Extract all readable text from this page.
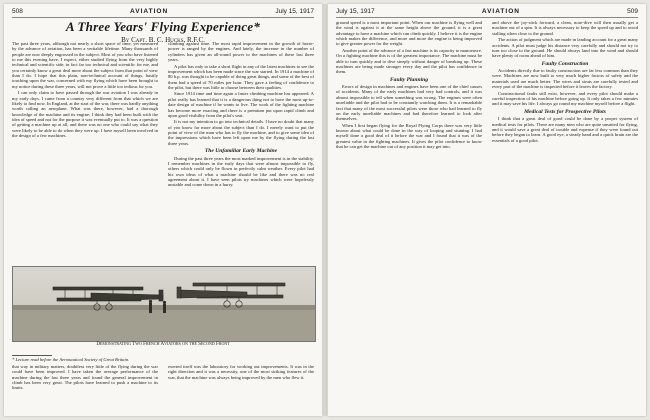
508	AVIATION	July 15, 1917
A Three Years' Flying Experience*
By Capt. B. C. Hucks, R.F.C.

The past three years, although not nearly a short space of time, yet measured by the advance of aviation, has been a veritable lifetime. Many thousands of people are now deeply engrossed in the subject. Most of you who have listened to me this evening have, I expect, either studied flying from the very highly technical and scientific side, in fact far too technical and scientific for me, and you certainly know a great deal more about the subject from that point of view than I do. I hope that this plain, non-technical account of things, hastily touching upon the war, concerned with my flying which have been brought to my notice during these three years, will not prove a little too tedious for you.

I can only claim to have passed through the war aviation I was already in my early days. I came from a country very different from that which we are likely to find now. In England, at the start of the war, there was hardly anything worth calling an aeroplane. What was there, however, had a thorough knowledge of the machine and its engine; I think they had been built with the idea of speed and not for the purpose it was eventually put to. It was a question of getting a machine up at all, and there was no one who could say what they were likely to be able to do when they were up. I have myself been involved in the design of a few machines.

climbing against time. The most rapid improvement in the growth of horse-power is ranged by the engines. And lately, the increase in the number of cylinders has given an all-round power to the machines of these last three years.

A pilot has only to take a short flight in any of the latest machines to see the improvement which has been made since the war started. In 1914 a machine of 80 h.p. was thought to be capable of doing great things, and some of the best of them had a speed of 70 miles per hour. They gave a feeling of confidence to the pilot, but there was little to choose between their qualities.

Since 1914 time and time again a faster climbing machine has appeared. A pilot really has learned that it is a dangerous thing not to have the most up-to-date design of machine if he wants to live. The work of the fighting machine has become more exacting and there is a premium put upon rapid climb and upon good visibility from the pilot's seat.

It is not my intention to go into technical details. I have no doubt that many of you know far more about the subject than I do. I merely want to put the point of view of the man who has to fly the machine, and to give some idea of the impressions which have been left upon me by the flying during the last three years.

The Unfamiliar Early Machine

During the past three years the most marked improvement is in the stability. I remember machines in the early days that were almost impossible to fly, others which could only be flown in perfectly calm weather. Every pilot had his own ideas of what a machine should be like and there was no real agreement about it. I have seen pilots try machines which were hopelessly unstable and come down in a hurry.

Demonstrating Two French Aviators on the Second Front
* Lecture read before the Aeronautical Society of Great Britain.

that way in military matters, doubtless very little of the flying during the war could have been improved. I have taken the average performance of the machine during the last three years and found the general improvement in climb has been very great. The pilots have learned to push a machine to its limits.

exerted itself was the laboratory for working out improvements. It was in the right direction and it was a necessity, one of the most striking features of the war, that the machine was always being improved by the men who flew it.

July 15, 1917	AVIATION	509

ground speed is a most important point. When our machine is flying well and the wind is against it at the same height above the ground, it is a great advantage to have a machine which can climb quickly. I believe it is the engine which makes the difference, and more and more the engine is being improved to give greater power for the weight.

Another point of the advance of a fast machine is its capacity to manoeuvre. On a fighting machine this is of the greatest importance. The machine must be able to turn quickly and to dive steeply without danger of breaking up. These machines are being made stronger every day and the pilot has confidence in them.

Faulty Planning

Errors of design in machines and engines have been one of the chief causes of accidents. Many of the early machines had very bad controls, and it was almost impossible to tell when something was wrong. The engines were often unreliable and the pilot had to be constantly watching them. It is a remarkable fact that many of the most successful pilots were those who had learned to fly on the early unreliable machines and had therefore learned to look after themselves.

When I first began flying for the Royal Flying Corps there was very little known about what could be done in the way of looping and stunting. I had myself done a good deal of it before the war and I found that it was of the greatest value in the fighting machines. It gives the pilot confidence to know that he can get the machine out of any position it may get into.

and above the joy-stick forward, a clean, nose-dive will then usually get a machine out of a spin. It is always necessary to keep the speed up and to avoid stalling when close to the ground.

The action of judgment which are made in landing account for a great many accidents. A pilot must judge his distance very carefully and should not try to turn too close to the ground. He should always land into the wind and should have plenty of room ahead of him.

Faulty Construction

Accidents directly due to faulty construction are far less common than they were. Machines are now built to very much higher factors of safety and the materials used are much better. The wires and struts are carefully tested and every part of the machine is inspected before it leaves the factory.

Constructional faults still exist, however, and every pilot should make a careful inspection of his machine before going up. It only takes a few minutes and it may save his life. I always go round my machine myself before a flight.

Medical Tests for Prospective Pilots

I think that a great deal of good could be done by a proper system of medical tests for pilots. There are many men who are quite unsuited for flying, and it would save a great deal of trouble and expense if they were found out before they began to learn. A good eye, a steady hand and a quick brain are the essentials of a good pilot.
